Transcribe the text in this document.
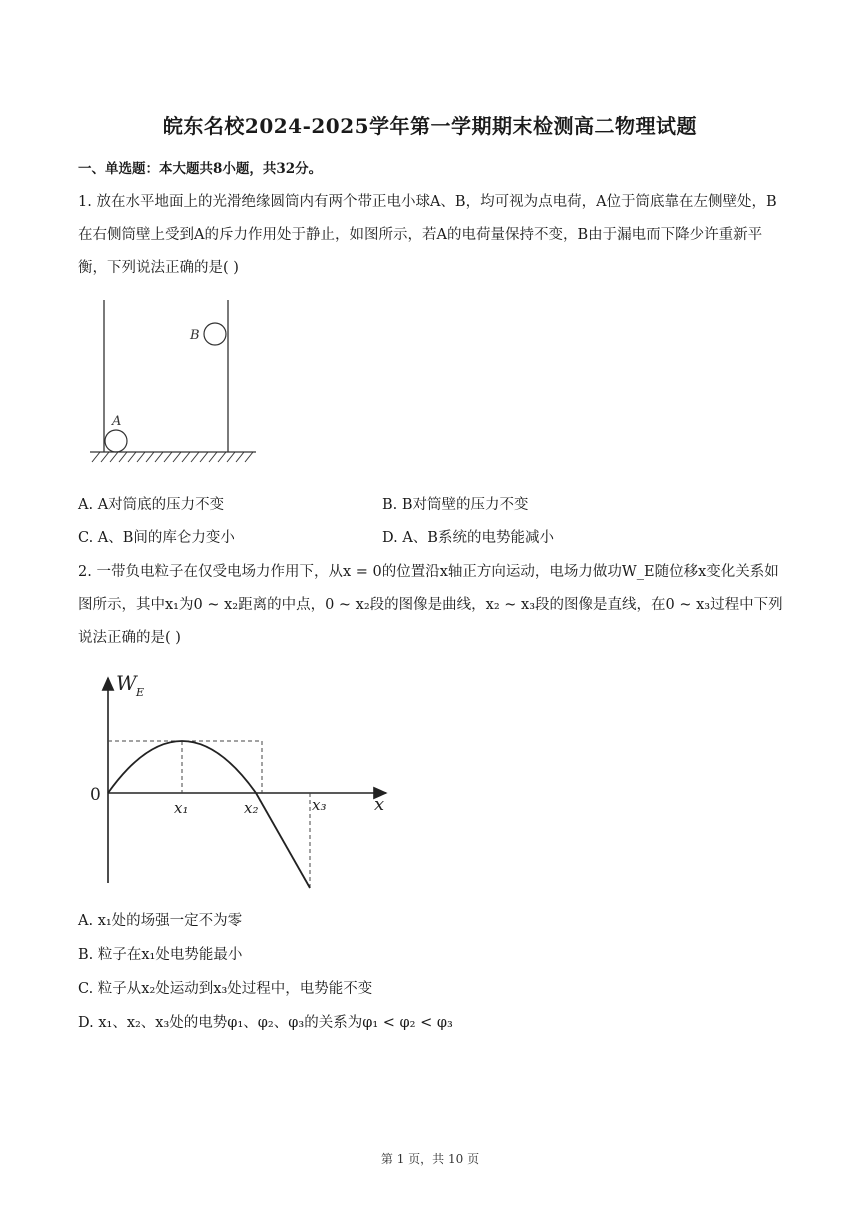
皖东名校2024-2025学年第一学期期末检测高二物理试题
一、单选题：本大题共8小题，共32分。
1. 放在水平地面上的光滑绝缘圆筒内有两个带正电小球A、B，均可视为点电荷，A位于筒底靠在左侧壁处，B在右侧筒壁上受到A的斥力作用处于静止，如图所示，若A的电荷量保持不变，B由于漏电而下降少许重新平衡，下列说法正确的是( )
A
B
A. A对筒底的压力不变	B. B对筒壁的压力不变
C. A、B间的库仑力变小	D. A、B系统的电势能减小
2. 一带负电粒子在仅受电场力作用下，从x = 0的位置沿x轴正方向运动，电场力做功W_E随位移x变化关系如图所示，其中x₁为0 ~ x₂距离的中点，0 ~ x₂段的图像是曲线，x₂ ~ x₃段的图像是直线，在0 ~ x₃过程中下列说法正确的是( )
W E
0	x
x₁	x₂	x₃
A. x₁处的场强一定不为零
B. 粒子在x₁处电势能最小
C. 粒子从x₂处运动到x₃处过程中，电势能不变
D. x₁、x₂、x₃处的电势φ₁、φ₂、φ₃的关系为φ₁ < φ₂ < φ₃
第 1 页，共 10 页
